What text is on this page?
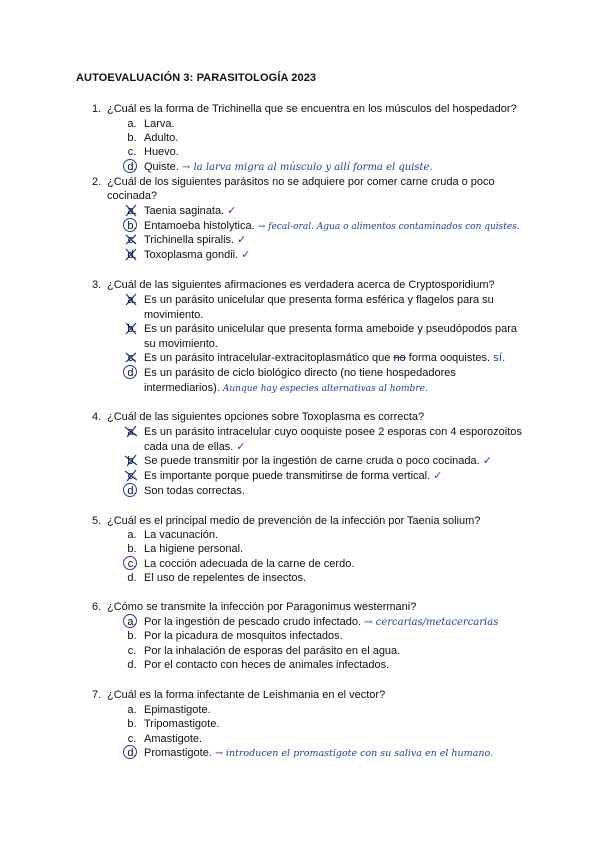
AUTOEVALUACIÓN 3: PARASITOLOGÍA 2023
1. ¿Cuál es la forma de Trichinella que se encuentra en los músculos del hospedador?
a. Larva.
b. Adulto.
c. Huevo.
d. Quiste. → la larva migra al músculo y allí forma el quiste.
2. ¿Cuál de los siguientes parásitos no se adquiere por comer carne cruda o poco
cocinada?
a. Taenia saginata. ✓
b. Entamoeba histolytica. → fecal-oral. Agua o alimentos contaminados con quistes.
c. Trichinella spiralis. ✓
d. Toxoplasma gondii. ✓
3. ¿Cuál de las siguientes afirmaciones es verdadera acerca de Cryptosporidium?
a. Es un parásito unicelular que presenta forma esférica y flagelos para su
movimiento.
b. Es un parásito unicelular que presenta forma ameboide y pseudópodos para
su movimiento.
c. Es un parásito intracelular-extracitoplasmático que no forma ooquistes. sí.
d. Es un parásito de ciclo biológico directo (no tiene hospedadores
intermediarios). Aunque hay especies alternativas al hombre.
4. ¿Cuál de las siguientes opciones sobre Toxoplasma es correcta?
a. Es un parásito intracelular cuyo ooquiste posee 2 esporas con 4 esporozoitos
cada una de ellas. ✓
b. Se puede transmitir por la ingestión de carne cruda o poco cocinada. ✓
c. Es importante porque puede transmitirse de forma vertical. ✓
d. Son todas correctas.
5. ¿Cuál es el principal medio de prevención de la infección por Taenia solium?
a. La vacunación.
b. La higiene personal.
c. La cocción adecuada de la carne de cerdo.
d. El uso de repelentes de insectos.
6. ¿Cómo se transmite la infección por Paragonimus westermani?
a. Por la ingestión de pescado crudo infectado. → cercarias/metacercarias
b. Por la picadura de mosquitos infectados.
c. Por la inhalación de esporas del parásito en el agua.
d. Por el contacto con heces de animales infectados.
7. ¿Cuál es la forma infectante de Leishmania en el vector?
a. Epimastigote.
b. Tripomastigote.
c. Amastigote.
d. Promastigote. → introducen el promastigote con su saliva en el humano.
